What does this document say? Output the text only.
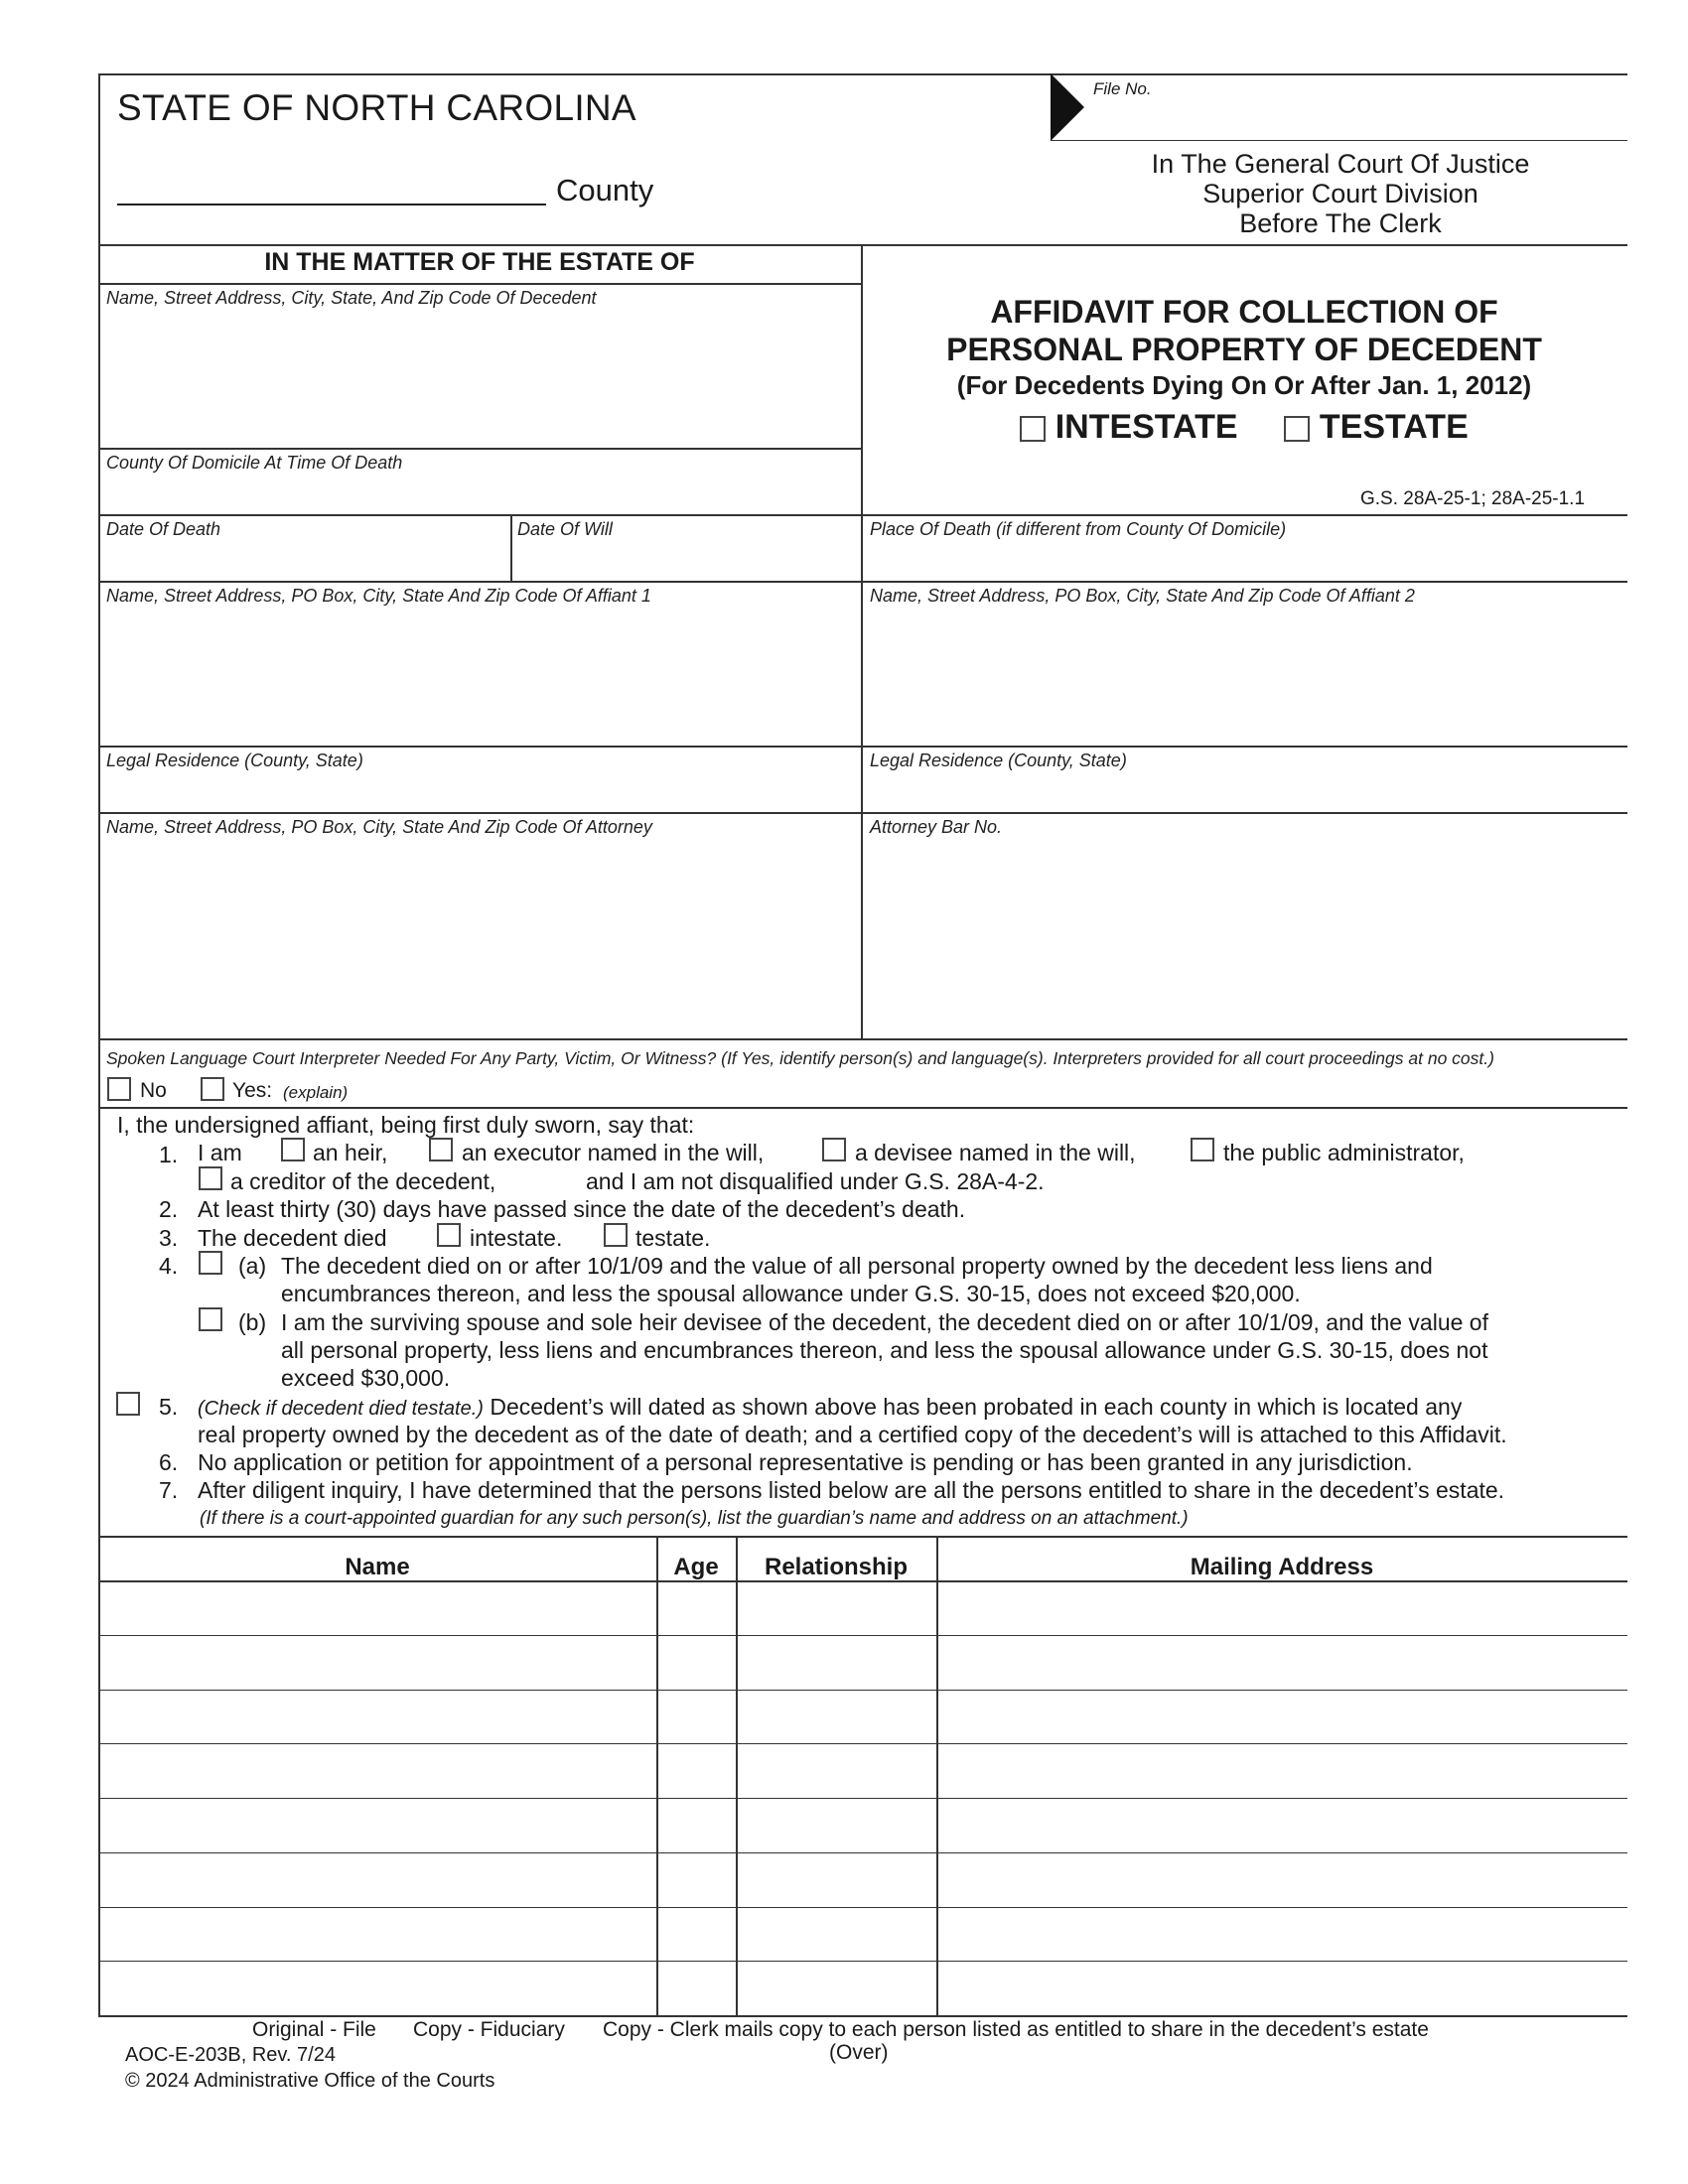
STATE OF NORTH CAROLINA
County
File No.
In The General Court Of Justice
Superior Court Division
Before The Clerk
IN THE MATTER OF THE ESTATE OF
Name, Street Address, City, State, And Zip Code Of Decedent
County Of Domicile At Time Of Death
AFFIDAVIT FOR COLLECTION OF
PERSONAL PROPERTY OF DECEDENT
(For Decedents Dying On Or After Jan. 1, 2012)
INTESTATE TESTATE
G.S. 28A-25-1; 28A-25-1.1
Date Of Death	Date Of Will	Place Of Death (if different from County Of Domicile)
Name, Street Address, PO Box, City, State And Zip Code Of Affiant 1	Name, Street Address, PO Box, City, State And Zip Code Of Affiant 2
Legal Residence (County, State)	Legal Residence (County, State)
Name, Street Address, PO Box, City, State And Zip Code Of Attorney	Attorney Bar No.
Spoken Language Court Interpreter Needed For Any Party, Victim, Or Witness? (If Yes, identify person(s) and language(s). Interpreters provided for all court proceedings at no cost.)
No	Yes: (explain)
I, the undersigned affiant, being first duly sworn, say that:
1. I am	an heir,	an executor named in the will,	a devisee named in the will,	the public administrator,
a creditor of the decedent,	and I am not disqualified under G.S. 28A-4-2.
2. At least thirty (30) days have passed since the date of the decedent’s death.
3. The decedent died	intestate.	testate.
4.	(a) The decedent died on or after 10/1/09 and the value of all personal property owned by the decedent less liens and
encumbrances thereon, and less the spousal allowance under G.S. 30-15, does not exceed $20,000.
(b) I am the surviving spouse and sole heir devisee of the decedent, the decedent died on or after 10/1/09, and the value of
all personal property, less liens and encumbrances thereon, and less the spousal allowance under G.S. 30-15, does not
exceed $30,000.
5. (Check if decedent died testate.) Decedent’s will dated as shown above has been probated in each county in which is located any
real property owned by the decedent as of the date of death; and a certified copy of the decedent’s will is attached to this Affidavit.
6. No application or petition for appointment of a personal representative is pending or has been granted in any jurisdiction.
7. After diligent inquiry, I have determined that the persons listed below are all the persons entitled to share in the decedent’s estate.
(If there is a court-appointed guardian for any such person(s), list the guardian’s name and address on an attachment.)
Name	Age	Relationship	Mailing Address
Original - File Copy - Fiduciary Copy - Clerk mails copy to each person listed as entitled to share in the decedent’s estate
(Over)
AOC-E-203B, Rev. 7/24
© 2024 Administrative Office of the Courts
